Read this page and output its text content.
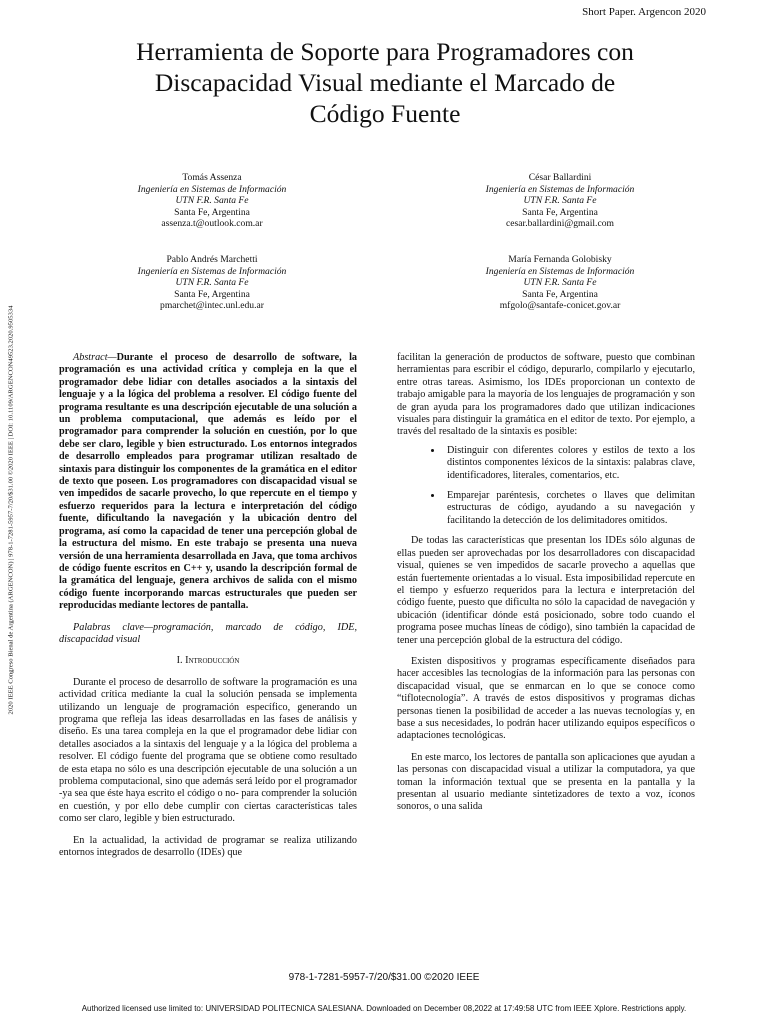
Short Paper. Argencon 2020
Herramienta de Soporte para Programadores con
Discapacidad Visual mediante el Marcado de
Código Fuente
2020 IEEE Congreso Bienal de Argentina (ARGENCON) | 978-1-7281-5957-7/20/$31.00 ©2020 IEEE | DOI: 10.1109/ARGENCON49523.2020.9505334
Tomás Assenza
Ingeniería en Sistemas de Información
UTN F.R. Santa Fe
Santa Fe, Argentina
assenza.t@outlook.com.ar
César Ballardini
Ingeniería en Sistemas de Información
UTN F.R. Santa Fe
Santa Fe, Argentina
cesar.ballardini@gmail.com
Pablo Andrés Marchetti
Ingeniería en Sistemas de Información
UTN F.R. Santa Fe
Santa Fe, Argentina
pmarchet@intec.unl.edu.ar
María Fernanda Golobisky
Ingeniería en Sistemas de Información
UTN F.R. Santa Fe
Santa Fe, Argentina
mfgolo@santafe-conicet.gov.ar

Abstract—Durante el proceso de desarrollo de software, la programación es una actividad crítica y compleja en la que el programador debe lidiar con detalles asociados a la sintaxis del lenguaje y a la lógica del problema a resolver. El código fuente del programa resultante es una descripción ejecutable de una solución a un problema computacional, que además es leído por el programador para comprender la solución en cuestión, por lo que debe ser claro, legible y bien estructurado. Los entornos integrados de desarrollo empleados para programar utilizan resaltado de sintaxis para distinguir los componentes de la gramática en el editor de texto que poseen. Los programadores con discapacidad visual se ven impedidos de sacarle provecho, lo que repercute en el tiempo y esfuerzo requeridos para la lectura e interpretación del código fuente, dificultando la navegación y la ubicación dentro del programa, así como la capacidad de tener una percepción global de la estructura del mismo. En este trabajo se presenta una nueva versión de una herramienta desarrollada en Java, que toma archivos de código fuente escritos en C++ y, usando la descripción formal de la gramática del lenguaje, genera archivos de salida con el mismo código fuente incorporando marcas estructurales que pueden ser reproducidas mediante lectores de pantalla.

Palabras clave—programación, marcado de código, IDE, discapacidad visual

I. Introducción

Durante el proceso de desarrollo de software la programación es una actividad crítica mediante la cual la solución pensada se implementa utilizando un lenguaje de programación específico, generando un programa que refleja las ideas desarrolladas en las fases de análisis y diseño. Es una tarea compleja en la que el programador debe lidiar con detalles asociados a la sintaxis del lenguaje y a la lógica del problema a resolver. El código fuente del programa que se obtiene como resultado de esta etapa no sólo es una descripción ejecutable de una solución a un problema computacional, sino que además será leído por el programador -ya sea que éste haya escrito el código o no- para comprender la solución en cuestión, y por ello debe cumplir con ciertas características tales como ser claro, legible y bien estructurado.

En la actualidad, la actividad de programar se realiza utilizando entornos integrados de desarrollo (IDEs) que

facilitan la generación de productos de software, puesto que combinan herramientas para escribir el código, depurarlo, compilarlo y ejecutarlo, entre otras tareas. Asimismo, los IDEs proporcionan un contexto de trabajo amigable para la mayoría de los lenguajes de programación y son de gran ayuda para los programadores dado que utilizan indicaciones visuales para distinguir la gramática en el editor de texto. Por ejemplo, a través del resaltado de la sintaxis es posible:

• Distinguir con diferentes colores y estilos de texto a los distintos componentes léxicos de la sintaxis: palabras clave, identificadores, literales, comentarios, etc.
• Emparejar paréntesis, corchetes o llaves que delimitan estructuras de código, ayudando a su navegación y facilitando la detección de los delimitadores omitidos.

De todas las características que presentan los IDEs sólo algunas de ellas pueden ser aprovechadas por los desarrolladores con discapacidad visual, quienes se ven impedidos de sacarle provecho a aquellas que están fuertemente orientadas a lo visual. Esta imposibilidad repercute en el tiempo y esfuerzo requeridos para la lectura e interpretación del código fuente, puesto que dificulta no sólo la capacidad de navegación y ubicación (identificar dónde está posicionado, sobre todo cuando el programa posee muchas líneas de código), sino también la capacidad de tener una percepción global de la estructura del código.

Existen dispositivos y programas específicamente diseñados para hacer accesibles las tecnologías de la información para las personas con discapacidad visual, que se enmarcan en lo que se conoce como “tiflotecnología”. A través de estos dispositivos y programas dichas personas tienen la posibilidad de acceder a las nuevas tecnologías y, en base a sus necesidades, lo podrán hacer utilizando equipos específicos o adaptaciones tecnológicas.

En este marco, los lectores de pantalla son aplicaciones que ayudan a las personas con discapacidad visual a utilizar la computadora, ya que toman la información textual que se presenta en la pantalla y la presentan al usuario mediante sintetizadores de texto a voz, íconos sonoros, o una salida

978-1-7281-5957-7/20/$31.00 ©2020 IEEE
Authorized licensed use limited to: UNIVERSIDAD POLITECNICA SALESIANA. Downloaded on December 08,2022 at 17:49:58 UTC from IEEE Xplore. Restrictions apply.
